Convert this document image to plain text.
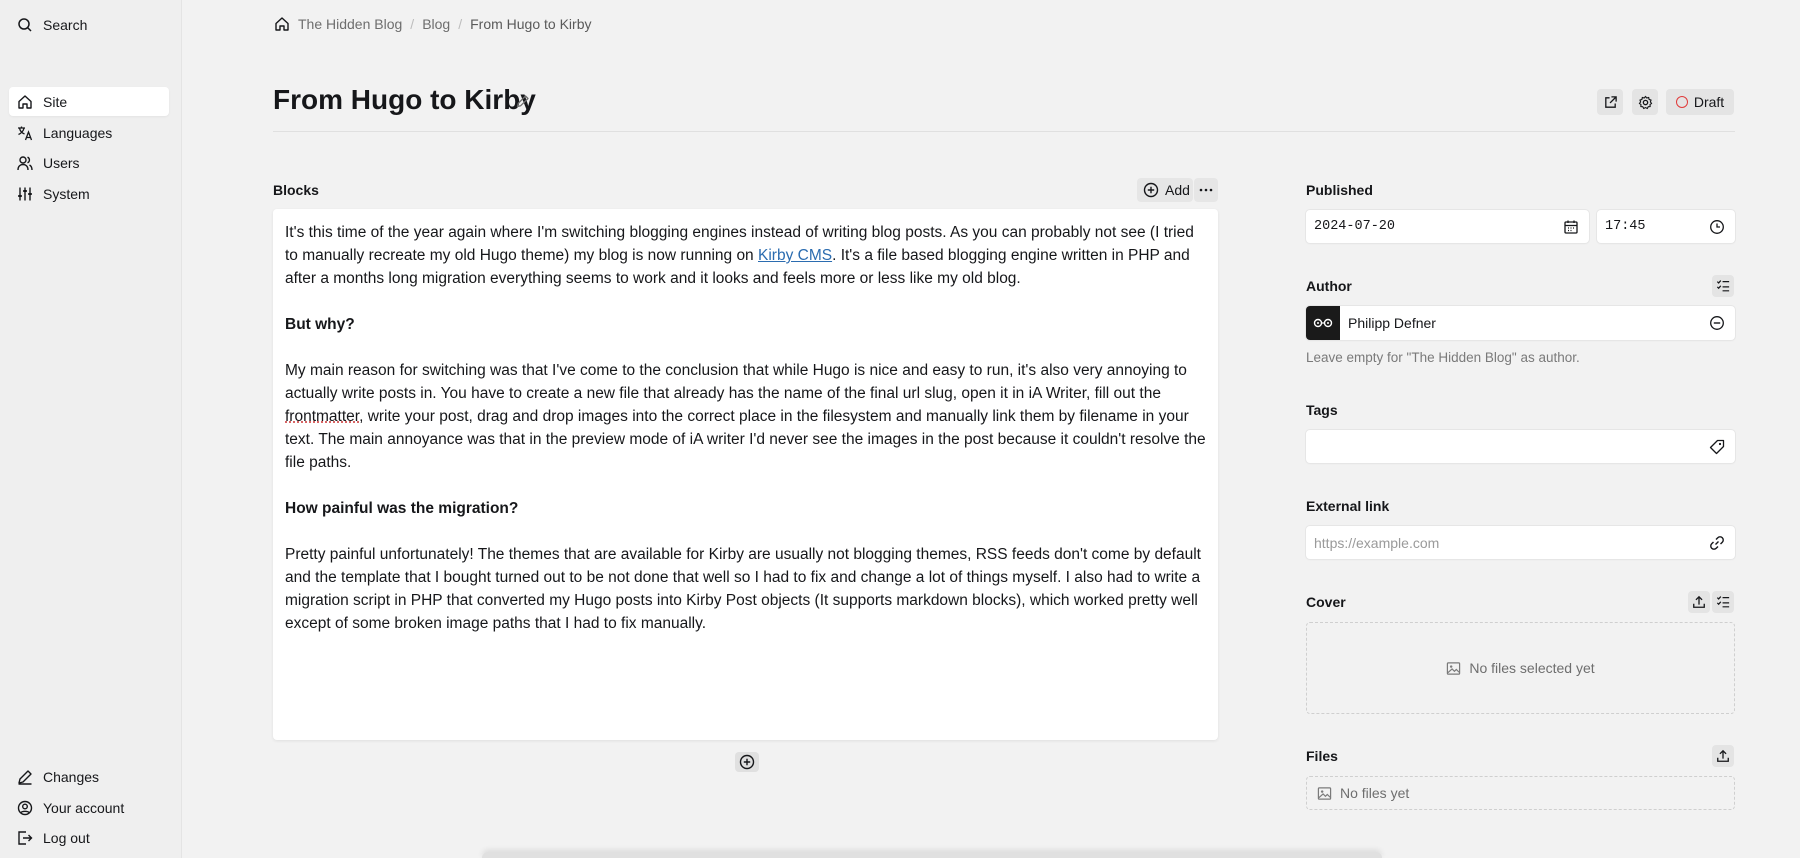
Search
Site
Languages
Users
System
Changes
Your account
Log out
The Hidden Blog / Blog / From Hugo to Kirby
From Hugo to Kirby	Draft
Blocks	Add

It's this time of the year again where I'm switching blogging engines instead of writing blog posts. As you can probably not see (I tried to manually recreate my old Hugo theme) my blog is now running on Kirby CMS. It's a file based blogging engine written in PHP and after a months long migration everything seems to work and it looks and feels more or less like my old blog.

But why?

My main reason for switching was that I've come to the conclusion that while Hugo is nice and easy to run, it's also very annoying to actually write posts in. You have to create a new file that already has the name of the final url slug, open it in iA Writer, fill out the frontmatter, write your post, drag and drop images into the correct place in the filesystem and manually link them by filename in your text. The main annoyance was that in the preview mode of iA writer I'd never see the images in the post because it couldn't resolve the file paths.

How painful was the migration?

Pretty painful unfortunately! The themes that are available for Kirby are usually not blogging themes, RSS feeds don't come by default and the template that I bought turned out to be not done that well so I had to fix and change a lot of things myself. I also had to write a migration script in PHP that converted my Hugo posts into Kirby Post objects (It supports markdown blocks), which worked pretty well except of some broken image paths that I had to fix manually.

Published
2024-07-20	17:45
Author
Philipp Defner
Leave empty for "The Hidden Blog" as author.
Tags
External link
https://example.com
Cover
No files selected yet
Files
No files yet
